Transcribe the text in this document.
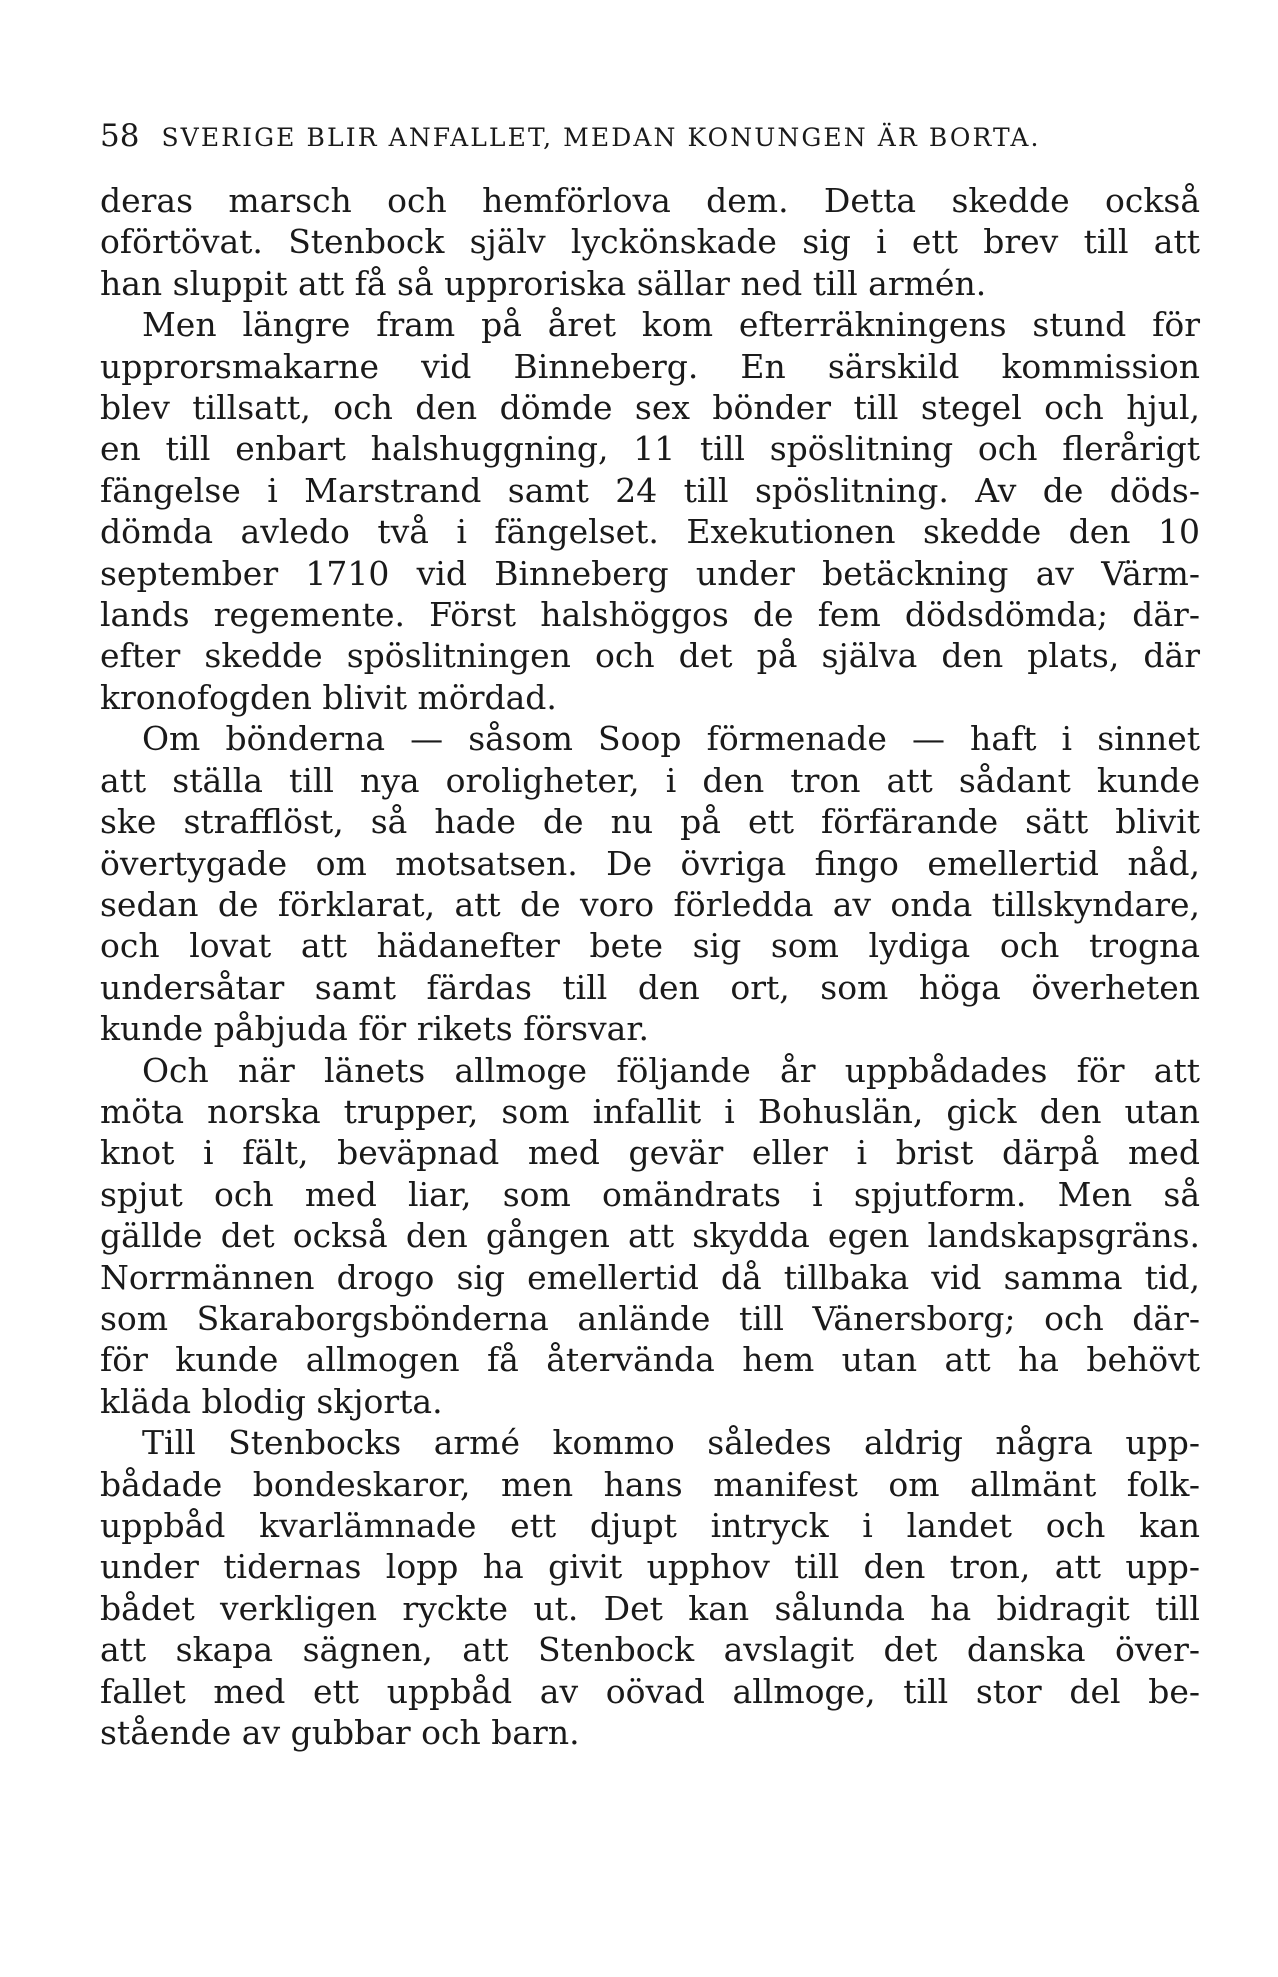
58 SVERIGE BLIR ANFALLET, MEDAN KONUNGEN ÄR BORTA.
deras marsch och hemförlova dem. Detta skedde också
oförtövat. Stenbock själv lyckönskade sig i ett brev till att
han sluppit att få så upproriska sällar ned till armén.
Men längre fram på året kom efterräkningens stund för
upprorsmakarne vid Binneberg. En särskild kommission
blev tillsatt, och den dömde sex bönder till stegel och hjul,
en till enbart halshuggning, 11 till spöslitning och flerårigt
fängelse i Marstrand samt 24 till spöslitning. Av de döds-
dömda avledo två i fängelset. Exekutionen skedde den 10
september 1710 vid Binneberg under betäckning av Värm-
lands regemente. Först halshöggos de fem dödsdömda; där-
efter skedde spöslitningen och det på själva den plats, där
kronofogden blivit mördad.
Om bönderna — såsom Soop förmenade — haft i sinnet
att ställa till nya oroligheter, i den tron att sådant kunde
ske strafflöst, så hade de nu på ett förfärande sätt blivit
övertygade om motsatsen. De övriga fingo emellertid nåd,
sedan de förklarat, att de voro förledda av onda tillskyndare,
och lovat att hädanefter bete sig som lydiga och trogna
undersåtar samt färdas till den ort, som höga överheten
kunde påbjuda för rikets försvar.
Och när länets allmoge följande år uppbådades för att
möta norska trupper, som infallit i Bohuslän, gick den utan
knot i fält, beväpnad med gevär eller i brist därpå med
spjut och med liar, som omändrats i spjutform. Men så
gällde det också den gången att skydda egen landskapsgräns.
Norrmännen drogo sig emellertid då tillbaka vid samma tid,
som Skaraborgsbönderna anlände till Vänersborg; och där-
för kunde allmogen få återvända hem utan att ha behövt
kläda blodig skjorta.
Till Stenbocks armé kommo således aldrig några upp-
bådade bondeskaror, men hans manifest om allmänt folk-
uppbåd kvarlämnade ett djupt intryck i landet och kan
under tidernas lopp ha givit upphov till den tron, att upp-
bådet verkligen ryckte ut. Det kan sålunda ha bidragit till
att skapa sägnen, att Stenbock avslagit det danska över-
fallet med ett uppbåd av oövad allmoge, till stor del be-
stående av gubbar och barn.
